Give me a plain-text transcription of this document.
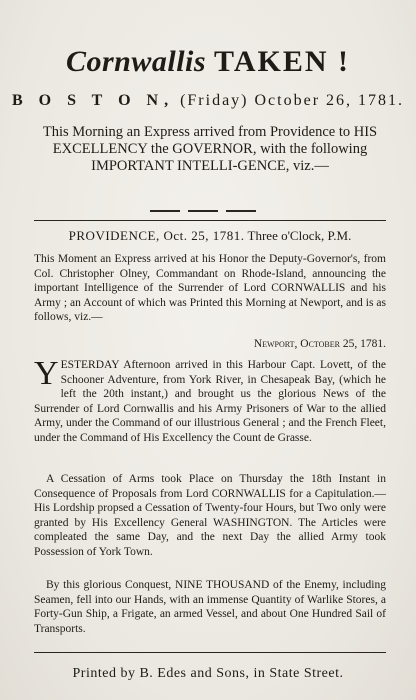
Cornwallis TAKEN !
B O S T O N, (Friday) October 26, 1781.
This Morning an Express arrived from Providence to HIS EXCELLENCY the GOVERNOR, with the following IMPORTANT INTELLI-GENCE, viz.—
PROVIDENCE, Oct. 25, 1781. Three o'Clock, P.M.
This Moment an Express arrived at his Honor the Deputy-Governor's, from Col. Christopher Olney, Commandant on Rhode-Island, announcing the important Intelligence of the Surrender of Lord CORNWALLIS and his Army ; an Account of which was Printed this Morning at Newport, and is as follows, viz.—
Newport, October 25, 1781.
YESTERDAY Afternoon arrived in this Harbour Capt. Lovett, of the Schooner Adventure, from York River, in Chesapeak Bay, (which he left the 20th instant,) and brought us the glorious News of the Surrender of Lord Cornwallis and his Army Prisoners of War to the allied Army, under the Command of our illustrious General ; and the French Fleet, under the Command of His Excellency the Count de Grasse.
A Cessation of Arms took Place on Thursday the 18th Instant in Consequence of Proposals from Lord CORNWALLIS for a Capitulation.—His Lordship propsed a Cessation of Twenty-four Hours, but Two only were granted by His Excellency General WASHINGTON. The Articles were compleated the same Day, and the next Day the allied Army took Possession of York Town.
By this glorious Conquest, NINE THOUSAND of the Enemy, including Seamen, fell into our Hands, with an immense Quantity of Warlike Stores, a Forty-Gun Ship, a Frigate, an armed Vessel, and about One Hundred Sail of Transports.
Printed by B. Edes and Sons, in State Street.
